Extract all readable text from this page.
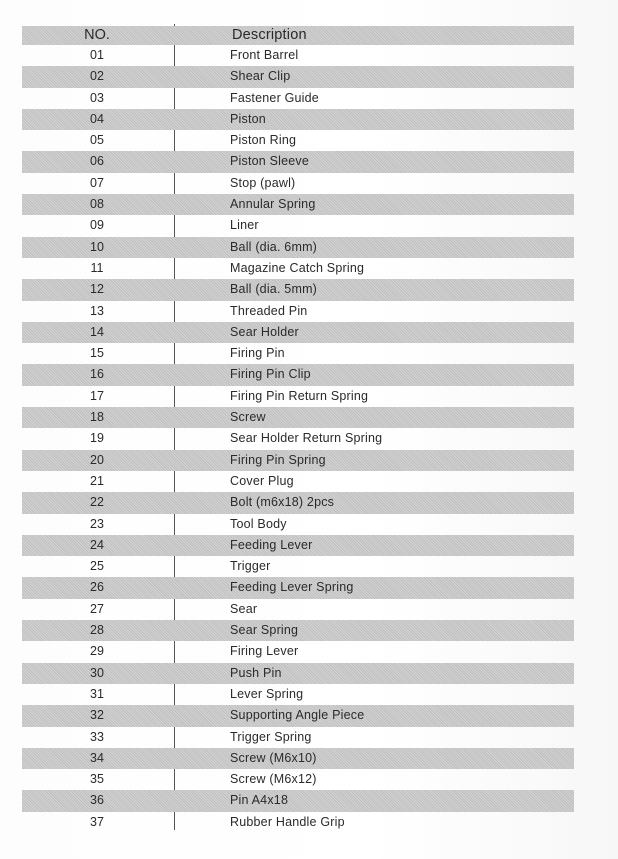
NO.	Description
01	Front Barrel
02	Shear Clip
03	Fastener Guide
04	Piston
05	Piston Ring
06	Piston Sleeve
07	Stop (pawl)
08	Annular Spring
09	Liner
10	Ball (dia. 6mm)
11	Magazine Catch Spring
12	Ball (dia. 5mm)
13	Threaded Pin
14	Sear Holder
15	Firing Pin
16	Firing Pin Clip
17	Firing Pin Return Spring
18	Screw
19	Sear Holder Return Spring
20	Firing Pin Spring
21	Cover Plug
22	Bolt (m6x18) 2pcs
23	Tool Body
24	Feeding Lever
25	Trigger
26	Feeding Lever Spring
27	Sear
28	Sear Spring
29	Firing Lever
30	Push Pin
31	Lever Spring
32	Supporting Angle Piece
33	Trigger Spring
34	Screw (M6x10)
35	Screw (M6x12)
36	Pin A4x18
37	Rubber Handle Grip
